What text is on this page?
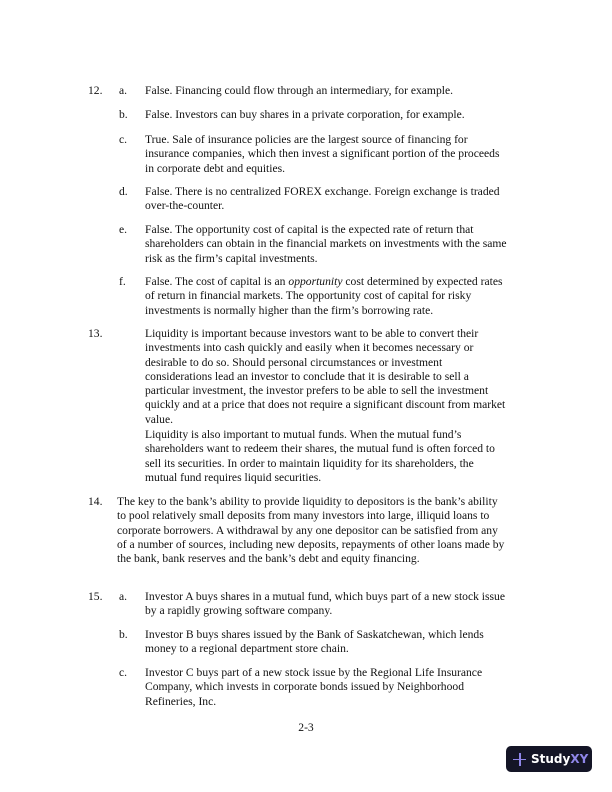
12. a. False. Financing could flow through an intermediary, for example.
b. False. Investors can buy shares in a private corporation, for example.
c. True. Sale of insurance policies are the largest source of financing for
insurance companies, which then invest a significant portion of the proceeds
in corporate debt and equities.
d. False. There is no centralized FOREX exchange. Foreign exchange is traded
over-the-counter.
e. False. The opportunity cost of capital is the expected rate of return that
shareholders can obtain in the financial markets on investments with the same
risk as the firm’s capital investments.
f. False. The cost of capital is an opportunity cost determined by expected rates
of return in financial markets. The opportunity cost of capital for risky
investments is normally higher than the firm’s borrowing rate.
13.	Liquidity is important because investors want to be able to convert their
investments into cash quickly and easily when it becomes necessary or
desirable to do so. Should personal circumstances or investment
considerations lead an investor to conclude that it is desirable to sell a
particular investment, the investor prefers to be able to sell the investment
quickly and at a price that does not require a significant discount from market
value.
Liquidity is also important to mutual funds. When the mutual fund’s
shareholders want to redeem their shares, the mutual fund is often forced to
sell its securities. In order to maintain liquidity for its shareholders, the
mutual fund requires liquid securities.
14. The key to the bank’s ability to provide liquidity to depositors is the bank’s ability
to pool relatively small deposits from many investors into large, illiquid loans to
corporate borrowers. A withdrawal by any one depositor can be satisfied from any
of a number of sources, including new deposits, repayments of other loans made by
the bank, bank reserves and the bank’s debt and equity financing.
15. a. Investor A buys shares in a mutual fund, which buys part of a new stock issue
by a rapidly growing software company.
b. Investor B buys shares issued by the Bank of Saskatchewan, which lends
money to a regional department store chain.
c. Investor C buys part of a new stock issue by the Regional Life Insurance
Company, which invests in corporate bonds issued by Neighborhood
Refineries, Inc.
2-3
StudyXY
